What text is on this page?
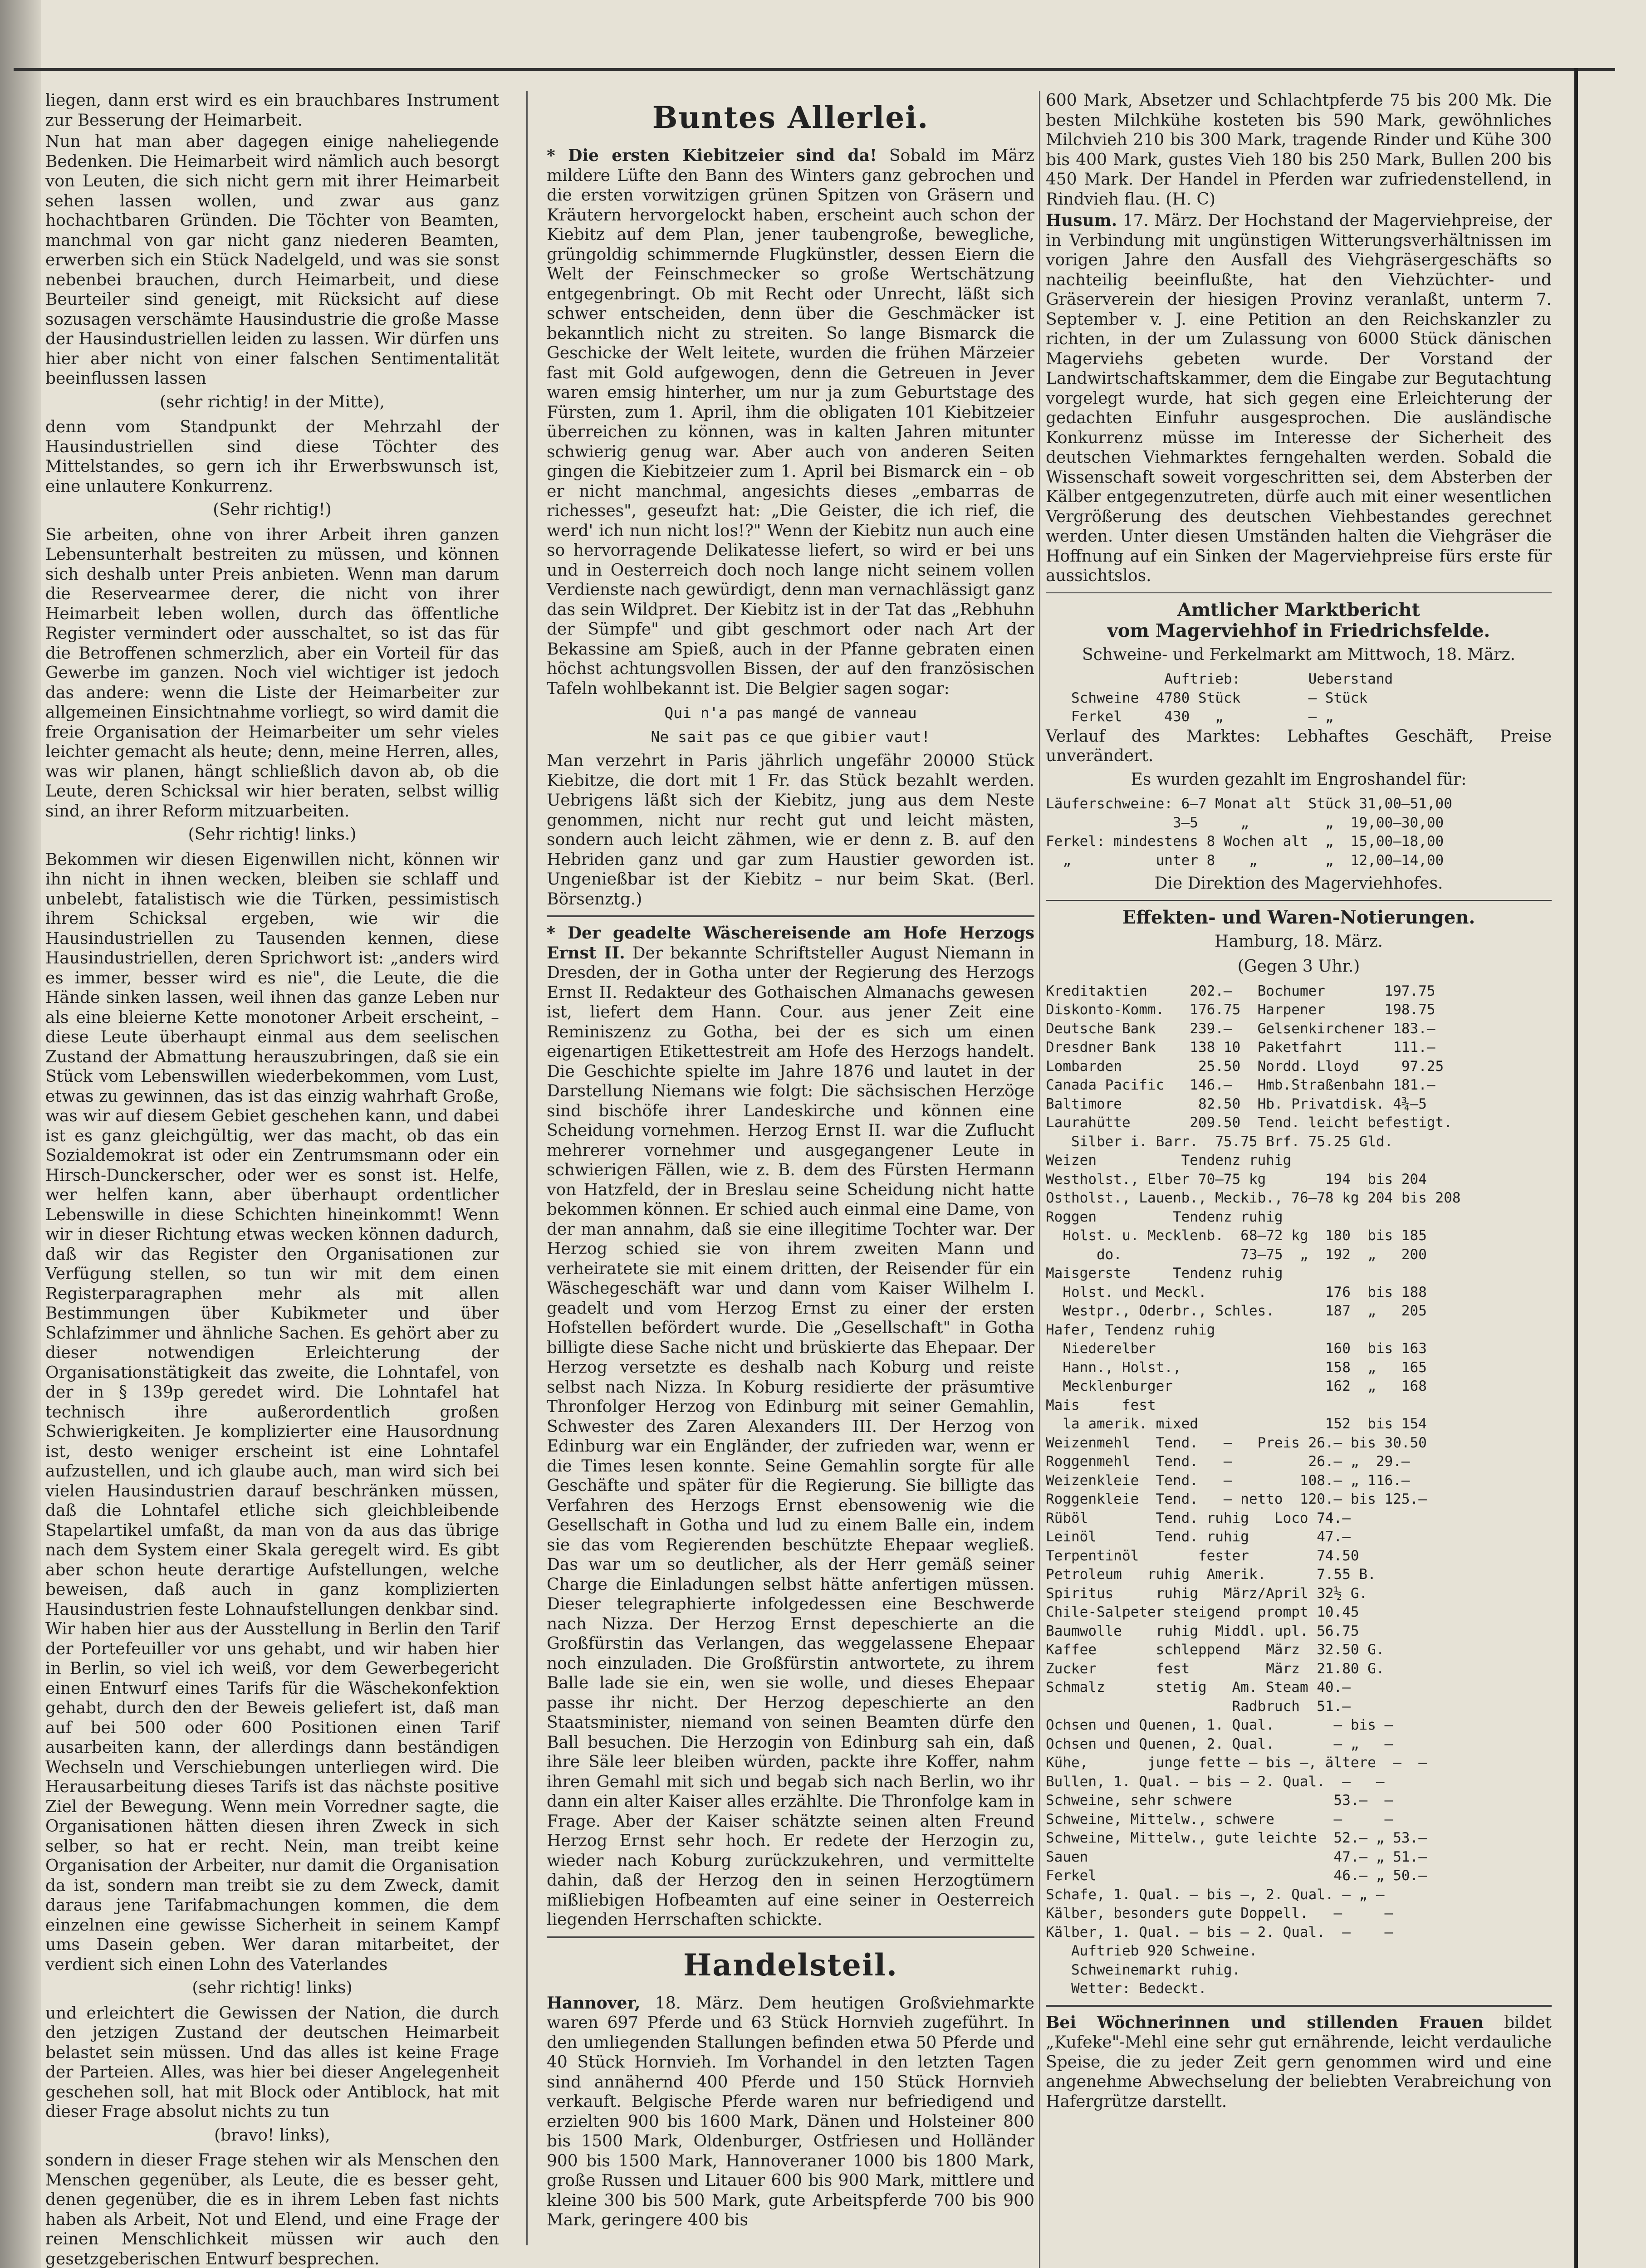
liegen, dann erst wird es ein brauchbares Instrument zur Besserung der Heimarbeit.

Nun hat man aber dagegen einige naheliegende Bedenken. Die Heimarbeit wird nämlich auch besorgt von Leuten, die sich nicht gern mit ihrer Heimarbeit sehen lassen wollen, und zwar aus ganz hochachtbaren Gründen. Die Töchter von Beamten, manchmal von gar nicht ganz niederen Beamten, erwerben sich ein Stück Nadelgeld, und was sie sonst nebenbei brauchen, durch Heimarbeit, und diese Beurteiler sind geneigt, mit Rücksicht auf diese sozusagen verschämte Hausindustrie die große Masse der Hausindustriellen leiden zu lassen. Wir dürfen uns hier aber nicht von einer falschen Sentimentalität beeinflussen lassen

(sehr richtig! in der Mitte),

denn vom Standpunkt der Mehrzahl der Hausindustriellen sind diese Töchter des Mittelstandes, so gern ich ihr Erwerbswunsch ist, eine unlautere Konkurrenz.

(Sehr richtig!)

Sie arbeiten, ohne von ihrer Arbeit ihren ganzen Lebensunterhalt bestreiten zu müssen, und können sich deshalb unter Preis anbieten. Wenn man darum die Reservearmee derer, die nicht von ihrer Heimarbeit leben wollen, durch das öffentliche Register vermindert oder ausschaltet, so ist das für die Betroffenen schmerzlich, aber ein Vorteil für das Gewerbe im ganzen. Noch viel wichtiger ist jedoch das andere: wenn die Liste der Heimarbeiter zur allgemeinen Einsichtnahme vorliegt, so wird damit die freie Organisation der Heimarbeiter um sehr vieles leichter gemacht als heute; denn, meine Herren, alles, was wir planen, hängt schließlich davon ab, ob die Leute, deren Schicksal wir hier beraten, selbst willig sind, an ihrer Reform mitzuarbeiten.

(Sehr richtig! links.)

Bekommen wir diesen Eigenwillen nicht, können wir ihn nicht in ihnen wecken, bleiben sie schlaff und unbelebt, fatalistisch wie die Türken, pessimistisch ihrem Schicksal ergeben, wie wir die Hausindustriellen zu Tausenden kennen, diese Hausindustriellen, deren Sprichwort ist: „anders wird es immer, besser wird es nie", die Leute, die die Hände sinken lassen, weil ihnen das ganze Leben nur als eine bleierne Kette monotoner Arbeit erscheint, – diese Leute überhaupt einmal aus dem seelischen Zustand der Abmattung herauszubringen, daß sie ein Stück vom Lebenswillen wiederbekommen, vom Lust, etwas zu gewinnen, das ist das einzig wahrhaft Große, was wir auf diesem Gebiet geschehen kann, und dabei ist es ganz gleichgültig, wer das macht, ob das ein Sozialdemokrat ist oder ein Zentrumsmann oder ein Hirsch-Dunckerscher, oder wer es sonst ist. Helfe, wer helfen kann, aber überhaupt ordentlicher Lebenswille in diese Schichten hineinkommt! Wenn wir in dieser Richtung etwas wecken können dadurch, daß wir das Register den Organisationen zur Verfügung stellen, so tun wir mit dem einen Registerparagraphen mehr als mit allen Bestimmungen über Kubikmeter und über Schlafzimmer und ähnliche Sachen. Es gehört aber zu dieser notwendigen Erleichterung der Organisationstätigkeit das zweite, die Lohntafel, von der in § 139p geredet wird. Die Lohntafel hat technisch ihre außerordentlich großen Schwierigkeiten. Je komplizierter eine Hausordnung ist, desto weniger erscheint ist eine Lohntafel aufzustellen, und ich glaube auch, man wird sich bei vielen Hausindustrien darauf beschränken müssen, daß die Lohntafel etliche sich gleichbleibende Stapelartikel umfaßt, da man von da aus das übrige nach dem System einer Skala geregelt wird. Es gibt aber schon heute derartige Aufstellungen, welche beweisen, daß auch in ganz komplizierten Hausindustrien feste Lohnaufstellungen denkbar sind. Wir haben hier aus der Ausstellung in Berlin den Tarif der Portefeuiller vor uns gehabt, und wir haben hier in Berlin, so viel ich weiß, vor dem Gewerbegericht einen Entwurf eines Tarifs für die Wäschekonfektion gehabt, durch den der Beweis geliefert ist, daß man auf bei 500 oder 600 Positionen einen Tarif ausarbeiten kann, der allerdings dann beständigen Wechseln und Verschiebungen unterliegen wird. Die Herausarbeitung dieses Tarifs ist das nächste positive Ziel der Bewegung. Wenn mein Vorredner sagte, die Organisationen hätten diesen ihren Zweck in sich selber, so hat er recht. Nein, man treibt keine Organisation der Arbeiter, nur damit die Organisation da ist, sondern man treibt sie zu dem Zweck, damit daraus jene Tarifabmachungen kommen, die dem einzelnen eine gewisse Sicherheit in seinem Kampf ums Dasein geben. Wer daran mitarbeitet, der verdient sich einen Lohn des Vaterlandes

(sehr richtig! links)

und erleichtert die Gewissen der Nation, die durch den jetzigen Zustand der deutschen Heimarbeit belastet sein müssen. Und das alles ist keine Frage der Parteien. Alles, was hier bei dieser Angelegenheit geschehen soll, hat mit Block oder Antiblock, hat mit dieser Frage absolut nichts zu tun

(bravo! links),

sondern in dieser Frage stehen wir als Menschen den Menschen gegenüber, als Leute, die es besser geht, denen gegenüber, die es in ihrem Leben fast nichts haben als Arbeit, Not und Elend, und eine Frage der reinen Menschlichkeit müssen wir auch den gesetzgeberischen Entwurf besprechen.

Buntes Allerlei.

* Die ersten Kiebitzeier sind da! Sobald im März mildere Lüfte den Bann des Winters ganz gebrochen und die ersten vorwitzigen grünen Spitzen von Gräsern und Kräutern hervorgelockt haben, erscheint auch schon der Kiebitz auf dem Plan, jener taubengroße, bewegliche, grüngoldig schimmernde Flugkünstler, dessen Eiern die Welt der Feinschmecker so große Wertschätzung entgegenbringt. Ob mit Recht oder Unrecht, läßt sich schwer entscheiden, denn über die Geschmäcker ist bekanntlich nicht zu streiten. So lange Bismarck die Geschicke der Welt leitete, wurden die frühen Märzeier fast mit Gold aufgewogen, denn die Getreuen in Jever waren emsig hinterher, um nur ja zum Geburtstage des Fürsten, zum 1. April, ihm die obligaten 101 Kiebitzeier überreichen zu können, was in kalten Jahren mitunter schwierig genug war. Aber auch von anderen Seiten gingen die Kiebitzeier zum 1. April bei Bismarck ein – ob er nicht manchmal, angesichts dieses „embarras de richesses", geseufzt hat: „Die Geister, die ich rief, die werd' ich nun nicht los!?" Wenn der Kiebitz nun auch eine so hervorragende Delikatesse liefert, so wird er bei uns und in Oesterreich doch noch lange nicht seinem vollen Verdienste nach gewürdigt, denn man vernachlässigt ganz das sein Wildpret. Der Kiebitz ist in der Tat das „Rebhuhn der Sümpfe" und gibt geschmort oder nach Art der Bekassine am Spieß, auch in der Pfanne gebraten einen höchst achtungsvollen Bissen, der auf den französischen Tafeln wohlbekannt ist. Die Belgier sagen sogar:

Qui n'a pas mangé de vanneau
Ne sait pas ce que gibier vaut!

Man verzehrt in Paris jährlich ungefähr 20000 Stück Kiebitze, die dort mit 1 Fr. das Stück bezahlt werden. Uebrigens läßt sich der Kiebitz, jung aus dem Neste genommen, nicht nur recht gut und leicht mästen, sondern auch leicht zähmen, wie er denn z. B. auf den Hebriden ganz und gar zum Haustier geworden ist. Ungenießbar ist der Kiebitz – nur beim Skat. (Berl. Börsenztg.)

* Der geadelte Wäschereisende am Hofe Herzogs Ernst II. Der bekannte Schriftsteller August Niemann in Dresden, der in Gotha unter der Regierung des Herzogs Ernst II. Redakteur des Gothaischen Almanachs gewesen ist, liefert dem Hann. Cour. aus jener Zeit eine Reminiszenz zu Gotha, bei der es sich um einen eigenartigen Etikettestreit am Hofe des Herzogs handelt. Die Geschichte spielte im Jahre 1876 und lautet in der Darstellung Niemans wie folgt: Die sächsischen Herzöge sind bischöfe ihrer Landeskirche und können eine Scheidung vornehmen. Herzog Ernst II. war die Zuflucht mehrerer vornehmer und ausgegangener Leute in schwierigen Fällen, wie z. B. dem des Fürsten Hermann von Hatzfeld, der in Breslau seine Scheidung nicht hatte bekommen können. Er schied auch einmal eine Dame, von der man annahm, daß sie eine illegitime Tochter war. Der Herzog schied sie von ihrem zweiten Mann und verheiratete sie mit einem dritten, der Reisender für ein Wäschegeschäft war und dann vom Kaiser Wilhelm I. geadelt und vom Herzog Ernst zu einer der ersten Hofstellen befördert wurde. Die „Gesellschaft" in Gotha billigte diese Sache nicht und brüskierte das Ehepaar. Der Herzog versetzte es deshalb nach Koburg und reiste selbst nach Nizza. In Koburg residierte der präsumtive Thronfolger Herzog von Edinburg mit seiner Gemahlin, Schwester des Zaren Alexanders III. Der Herzog von Edinburg war ein Engländer, der zufrieden war, wenn er die Times lesen konnte. Seine Gemahlin sorgte für alle Geschäfte und später für die Regierung. Sie billigte das Verfahren des Herzogs Ernst ebensowenig wie die Gesellschaft in Gotha und lud zu einem Balle ein, indem sie das vom Regierenden beschützte Ehepaar wegließ. Das war um so deutlicher, als der Herr gemäß seiner Charge die Einladungen selbst hätte anfertigen müssen. Dieser telegraphierte infolgedessen eine Beschwerde nach Nizza. Der Herzog Ernst depeschierte an die Großfürstin das Verlangen, das weggelassene Ehepaar noch einzuladen. Die Großfürstin antwortete, zu ihrem Balle lade sie ein, wen sie wolle, und dieses Ehepaar passe ihr nicht. Der Herzog depeschierte an den Staatsminister, niemand von seinen Beamten dürfe den Ball besuchen. Die Herzogin von Edinburg sah ein, daß ihre Säle leer bleiben würden, packte ihre Koffer, nahm ihren Gemahl mit sich und begab sich nach Berlin, wo ihr dann ein alter Kaiser alles erzählte. Die Thronfolge kam in Frage. Aber der Kaiser schätzte seinen alten Freund Herzog Ernst sehr hoch. Er redete der Herzogin zu, wieder nach Koburg zurückzukehren, und vermittelte dahin, daß der Herzog den in seinen Herzogtümern mißliebigen Hofbeamten auf eine seiner in Oesterreich liegenden Herrschaften schickte.

Handelsteil.

Hannover, 18. März. Dem heutigen Großviehmarkte waren 697 Pferde und 63 Stück Hornvieh zugeführt. In den umliegenden Stallungen befinden etwa 50 Pferde und 40 Stück Hornvieh. Im Vorhandel in den letzten Tagen sind annähernd 400 Pferde und 150 Stück Hornvieh verkauft. Belgische Pferde waren nur befriedigend und erzielten 900 bis 1600 Mark, Dänen und Holsteiner 800 bis 1500 Mark, Oldenburger, Ostfriesen und Holländer 900 bis 1500 Mark, Hannoveraner 1000 bis 1800 Mark, große Russen und Litauer 600 bis 900 Mark, mittlere und kleine 300 bis 500 Mark, gute Arbeitspferde 700 bis 900 Mark, geringere 400 bis

600 Mark, Absetzer und Schlachtpferde 75 bis 200 Mk. Die besten Milchkühe kosteten bis 590 Mark, gewöhnliches Milchvieh 210 bis 300 Mark, tragende Rinder und Kühe 300 bis 400 Mark, gustes Vieh 180 bis 250 Mark, Bullen 200 bis 450 Mark. Der Handel in Pferden war zufriedenstellend, in Rindvieh flau. (H. C)

Husum. 17. März. Der Hochstand der Magerviehpreise, der in Verbindung mit ungünstigen Witterungsverhältnissen im vorigen Jahre den Ausfall des Viehgräsergeschäfts so nachteilig beeinflußte, hat den Viehzüchter- und Gräserverein der hiesigen Provinz veranlaßt, unterm 7. September v. J. eine Petition an den Reichskanzler zu richten, in der um Zulassung von 6000 Stück dänischen Magerviehs gebeten wurde. Der Vorstand der Landwirtschaftskammer, dem die Eingabe zur Begutachtung vorgelegt wurde, hat sich gegen eine Erleichterung der gedachten Einfuhr ausgesprochen. Die ausländische Konkurrenz müsse im Interesse der Sicherheit des deutschen Viehmarktes ferngehalten werden. Sobald die Wissenschaft soweit vorgeschritten sei, dem Absterben der Kälber entgegenzutreten, dürfe auch mit einer wesentlichen Vergrößerung des deutschen Viehbestandes gerechnet werden. Unter diesen Umständen halten die Viehgräser die Hoffnung auf ein Sinken der Magerviehpreise fürs erste für aussichtslos.

Amtlicher Marktbericht
vom Magerviehhof in Friedrichsfelde.
Schweine- und Ferkelmarkt am Mittwoch, 18. März.
Auftrieb:        Ueberstand
Schweine  4780 Stück        — Stück
Ferkel     430   „          — „

Verlauf des Marktes: Lebhaftes Geschäft, Preise unverändert.

Es wurden gezahlt im Engroshandel für:
Läuferschweine: 6—7 Monat alt  Stück 31,00—51,00
3—5     „         „  19,00—30,00
Ferkel: mindestens 8 Wochen alt  „  15,00—18,00
„          unter 8    „        „  12,00—14,00
Die Direktion des Magerviehhofes.
Effekten- und Waren-Notierungen.
Hamburg, 18. März.
(Gegen 3 Uhr.)
Kreditaktien     202.—   Bochumer       197.75
Diskonto-Komm.   176.75  Harpener       198.75
Deutsche Bank    239.—   Gelsenkirchener 183.—
Dresdner Bank    138 10  Paketfahrt      111.—
Lombarden         25.50  Nordd. Lloyd     97.25
Canada Pacific   146.—   Hmb.Straßenbahn 181.—
Baltimore         82.50  Hb. Privatdisk. 4¾—5
Laurahütte       209.50  Tend. leicht befestigt.
Silber i. Barr.  75.75 Brf. 75.25 Gld.
Weizen          Tendenz ruhig
Westholst., Elber 70—75 kg       194  bis 204
Ostholst., Lauenb., Meckib., 76—78 kg 204 bis 208
Roggen         Tendenz ruhig
Holst. u. Mecklenb.  68—72 kg  180  bis 185
do.              73—75  „  192  „   200
Maisgerste     Tendenz ruhig
Holst. und Meckl.              176  bis 188
Westpr., Oderbr., Schles.      187  „   205
Hafer, Tendenz ruhig
Niederelber                    160  bis 163
Hann., Holst.,                 158  „   165
Mecklenburger                  162  „   168
Mais     fest
la amerik. mixed               152  bis 154
Weizenmehl   Tend.   —   Preis 26.— bis 30.50
Roggenmehl   Tend.   —         26.— „  29.—
Weizenkleie  Tend.   —        108.— „ 116.—
Roggenkleie  Tend.   — netto  120.— bis 125.—
Rüböl        Tend. ruhig   Loco 74.—
Leinöl       Tend. ruhig        47.—
Terpentinöl       fester        74.50
Petroleum   ruhig  Amerik.      7.55 B.
Spiritus     ruhig   März/April 32½ G.
Chile-Salpeter steigend  prompt 10.45
Baumwolle    ruhig  Middl. upl. 56.75
Kaffee       schleppend   März  32.50 G.
Zucker       fest         März  21.80 G.
Schmalz      stetig   Am. Steam 40.—
Radbruch  51.—
Ochsen und Quenen, 1. Qual.       — bis —
Ochsen und Quenen, 2. Qual.       — „   —
Kühe,       junge fette — bis —, ältere  —  —
Bullen, 1. Qual. — bis — 2. Qual.  —   —
Schweine, sehr schwere            53.—  —
Schweine, Mittelw., schwere       —     —
Schweine, Mittelw., gute leichte  52.— „ 53.—
Sauen                             47.— „ 51.—
Ferkel                            46.— „ 50.—
Schafe, 1. Qual. — bis —, 2. Qual. — „ —
Kälber, besonders gute Doppell.   —     —
Kälber, 1. Qual. — bis — 2. Qual.  —    —
Auftrieb 920 Schweine.
Schweinemarkt ruhig.
Wetter: Bedeckt.

Bei Wöchnerinnen und stillenden Frauen bildet „Kufeke"-Mehl eine sehr gut ernährende, leicht verdauliche Speise, die zu jeder Zeit gern genommen wird und eine angenehme Abwechselung der beliebten Verabreichung von Hafergrütze darstellt.
